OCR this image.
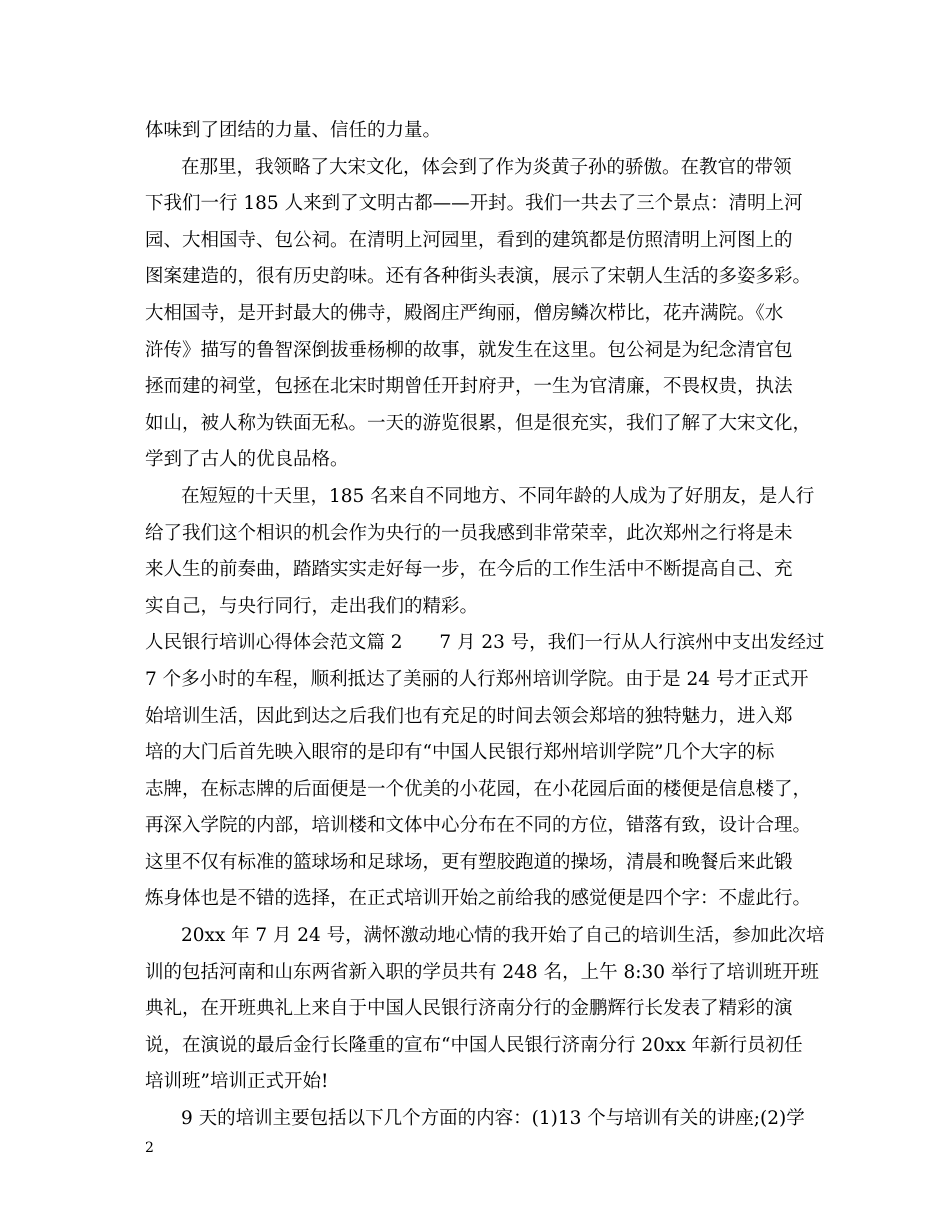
体味到了团结的力量、信任的力量。
在那里，我领略了大宋文化，体会到了作为炎黄子孙的骄傲。在教官的带领
下我们一行 185 人来到了文明古都——开封。我们一共去了三个景点：清明上河
园、大相国寺、包公祠。在清明上河园里，看到的建筑都是仿照清明上河图上的
图案建造的，很有历史韵味。还有各种街头表演，展示了宋朝人生活的多姿多彩。
大相国寺，是开封最大的佛寺，殿阁庄严绚丽，僧房鳞次栉比，花卉满院。《水
浒传》描写的鲁智深倒拔垂杨柳的故事，就发生在这里。包公祠是为纪念清官包
拯而建的祠堂，包拯在北宋时期曾任开封府尹，一生为官清廉，不畏权贵，执法
如山，被人称为铁面无私。一天的游览很累，但是很充实，我们了解了大宋文化，
学到了古人的优良品格。
在短短的十天里，185 名来自不同地方、不同年龄的人成为了好朋友，是人行
给了我们这个相识的机会作为央行的一员我感到非常荣幸，此次郑州之行将是未
来人生的前奏曲，踏踏实实走好每一步，在今后的工作生活中不断提高自己、充
实自己，与央行同行，走出我们的精彩。
人民银行培训心得体会范文篇 2　　7 月 23 号，我们一行从人行滨州中支出发经过
7 个多小时的车程，顺利抵达了美丽的人行郑州培训学院。由于是 24 号才正式开
始培训生活，因此到达之后我们也有充足的时间去领会郑培的独特魅力，进入郑
培的大门后首先映入眼帘的是印有“中国人民银行郑州培训学院”几个大字的标
志牌，在标志牌的后面便是一个优美的小花园，在小花园后面的楼便是信息楼了，
再深入学院的内部，培训楼和文体中心分布在不同的方位，错落有致，设计合理。
这里不仅有标准的篮球场和足球场，更有塑胶跑道的操场，清晨和晚餐后来此锻
炼身体也是不错的选择，在正式培训开始之前给我的感觉便是四个字：不虚此行。
20xx 年 7 月 24 号，满怀激动地心情的我开始了自己的培训生活，参加此次培
训的包括河南和山东两省新入职的学员共有 248 名，上午 8:30 举行了培训班开班
典礼，在开班典礼上来自于中国人民银行济南分行的金鹏辉行长发表了精彩的演
说，在演说的最后金行长隆重的宣布“中国人民银行济南分行 20xx 年新行员初任
培训班”培训正式开始!
9 天的培训主要包括以下几个方面的内容：(1)13 个与培训有关的讲座;(2)学
2
